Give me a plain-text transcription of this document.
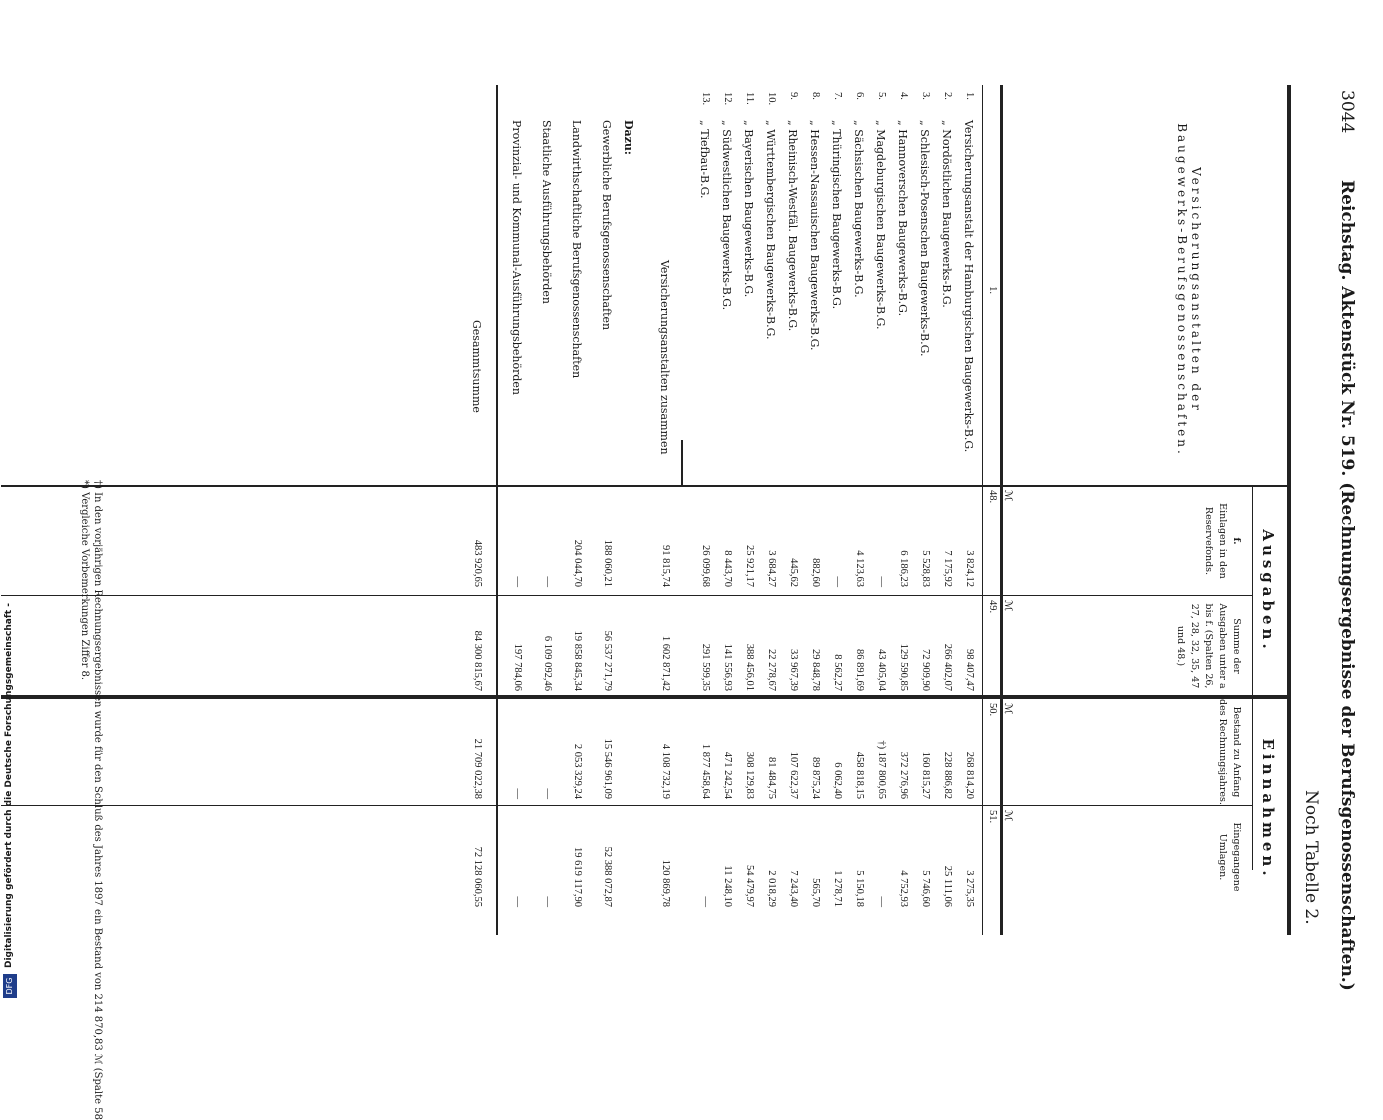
3044
Reichstag. Aktenstück Nr. 519. (Rechnungsergebnisse der Berufsgenossenschaften.)
Noch Tabelle 2.
Ausgaben.
Einnahmen.
Versicherungsanstalten der Baugewerks-Berufsgenossenschaften.
1.
f.
Einlagen in den Reservefonds.
Summe der Ausgaben unter a bis f. (Spalten 26, 27, 28, 32, 35, 47 und 48.)
Bestand zu Anfang des Rechnungsjahres.
Eingegangene Umlagen.
ℳ
ℳ
ℳ
ℳ
48.
49.
50.
51.
1.
Versicherungsanstalt der Hamburgischen Baugewerks-B.G.
3 824,12
98 407,47
268 814,20
3 275,35
2.
„ Nordöstlichen Baugewerks-B.G.
7 175,92
266 402,07
228 886,82
25 111,06
3.
„ Schlesisch-Posenschen Baugewerks-B.G.
5 528,83
72 909,90
160 815,27
5 746,60
4.
„ Hannoverschen Baugewerks-B.G.
6 186,23
129 590,85
372 276,96
4 752,93
5.
„ Magdeburgischen Baugewerks-B.G.
—
43 405,04
†) 187 800,65
—
6.
„ Sächsischen Baugewerks-B.G.
4 123,63
86 891,69
458 818,15
5 150,18
7.
„ Thüringischen Baugewerks-B.G.
—
8 562,27
6 062,40
1 278,71
8.
„ Hessen-Nassauischen Baugewerks-B.G.
882,60
29 848,78
89 875,24
565,70
9.
„ Rheinisch-Westfäl. Baugewerks-B.G.
445,62
33 967,39
107 622,37
7 243,40
10.
„ Württembergischen Baugewerks-B.G.
3 684,27
22 278,67
81 484,75
2 018,29
11.
„ Bayerischen Baugewerks-B.G.
25 921,17
388 456,01
308 129,83
54 479,97
12.
„ Südwestlichen Baugewerks-B.G.
8 443,70
141 556,93
471 242,54
11 248,10
13.
„ Tiefbau-B.G.
26 099,68
291 599,35
1 877 458,64
—
Versicherungsanstalten zusammen
91 815,74
1 602 871,42
4 108 732,19
120 869,78
Dazu:
Gewerbliche Berufsgenossenschaften
188 060,21
56 537 271,79
15 546 961,09
52 388 072,87
Landwirthschaftliche Berufsgenossenschaften
204 044,70
19 858 845,34
2 053 329,24
19 619 117,90
Staatliche Ausführungsbehörden
—
6 109 092,46
—
—
Provinzial- und Kommunal-Ausführungsbehörden
—
197 784,06
—
—
Gesammtsumme
483 920,65
84 300 815,67
21 709 022,38
72 128 060,55
†) In den vorjährigen Rechnungsergebnissen wurde für den Schluß des Jahres 1897 ein Bestand von 214 870,83 ℳ (Spalte 58
*) Vergleiche Vorbemerkungen Ziffer 8.
DFG
Digitalisierung gefördert durch die Deutsche Forschungsgemeinschaft -
